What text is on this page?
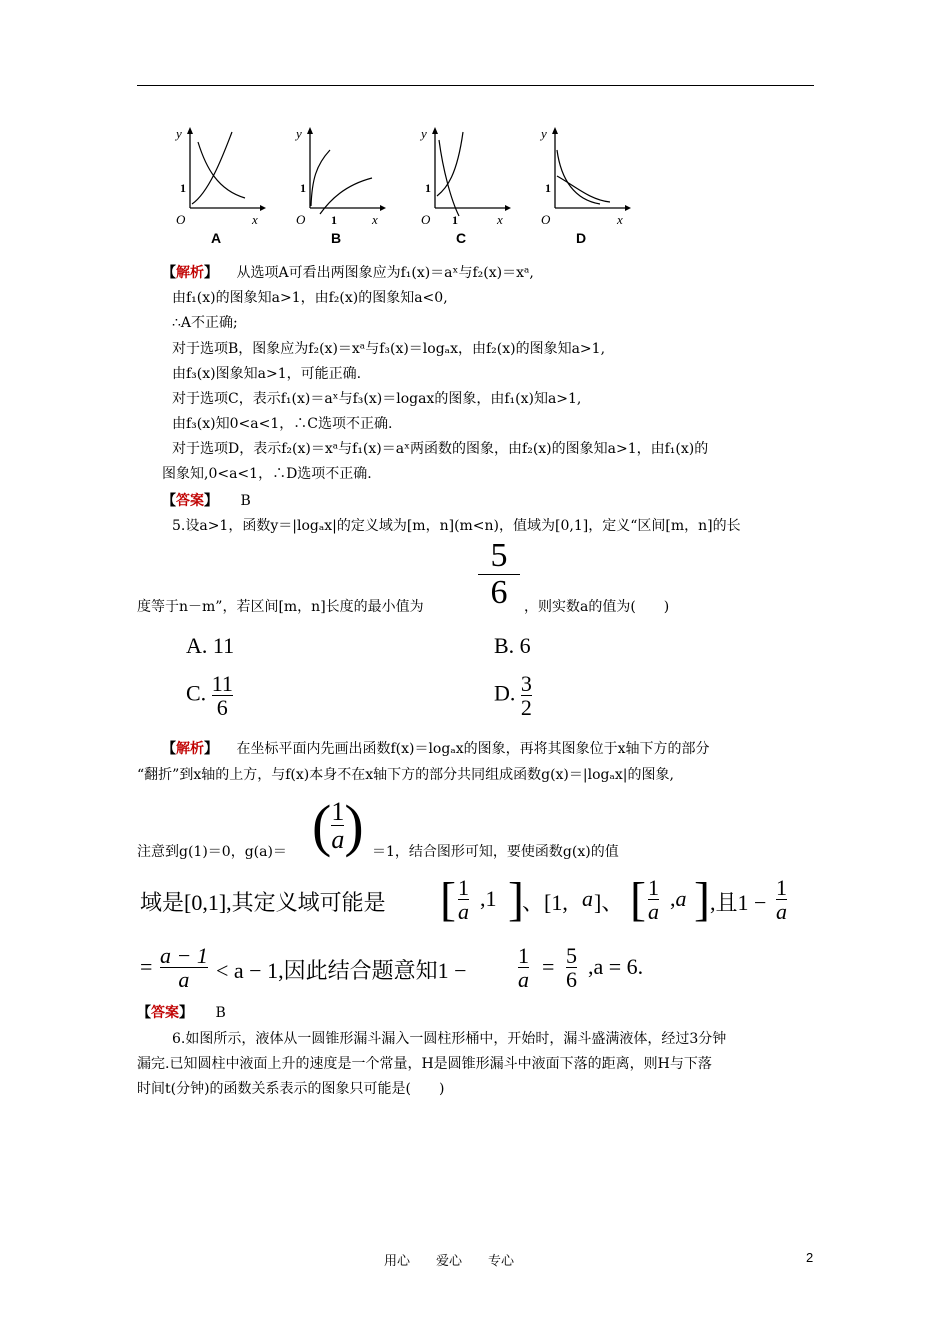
y
x
O
1
A
y
x
O
1
1
B
y
x
O
1
1
C
y
x
O
1
D
【解析】 从选项A可看出两图象应为f₁(x)＝aˣ与f₂(x)＝xᵃ,
由f₁(x)的图象知a>1，由f₂(x)的图象知a<0,
∴A不正确;
对于选项B，图象应为f₂(x)＝xᵃ与f₃(x)＝logₐx，由f₂(x)的图象知a>1,
由f₃(x)图象知a>1，可能正确.
对于选项C，表示f₁(x)＝aˣ与f₃(x)＝logax的图象，由f₁(x)知a>1,
由f₃(x)知0<a<1，∴C选项不正确.
对于选项D，表示f₂(x)＝xᵃ与f₁(x)＝aˣ两函数的图象，由f₂(x)的图象知a>1，由f₁(x)的
图象知,0<a<1，∴D选项不正确.
【答案】 B
5.设a>1，函数y＝|logₐx|的定义域为[m，n](m<n)，值域为[0,1]，定义“区间[m，n]的长
度等于n－m”，若区间[m，n]长度的最小值为 $\frac{5}{6}$ ，则实数a的值为(　　)
A. 11	B. 6
C. $\frac{11}{6}$	D. $\frac{3}{2}$
【解析】 在坐标平面内先画出函数f(x)＝logₐx的图象，再将其图象位于x轴下方的部分
“翻折”到x轴的上方，与f(x)本身不在x轴下方的部分共同组成函数g(x)＝|logₐx|的图象,
注意到g(1)＝0，g(a)＝ ( $\frac{1}{a}$ ) ＝1，结合图形可知，要使函数g(x)的值
域是[0,1],其定义域可能是 [ 1
a
,1 ]
、[1, a ]、 [ 1
a
,a ] ,且1 −
1
a
= a − 1
a < a − 1,因此结合题意知1 −
1
a
= 5
6
,a = 6.
【答案】 B
6.如图所示，液体从一圆锥形漏斗漏入一圆柱形桶中，开始时，漏斗盛满液体，经过3分钟
漏完.已知圆柱中液面上升的速度是一个常量，H是圆锥形漏斗中液面下落的距离，则H与下落
时间t(分钟)的函数关系表示的图象只可能是(　　)
用心　　爱心　　专心	2
